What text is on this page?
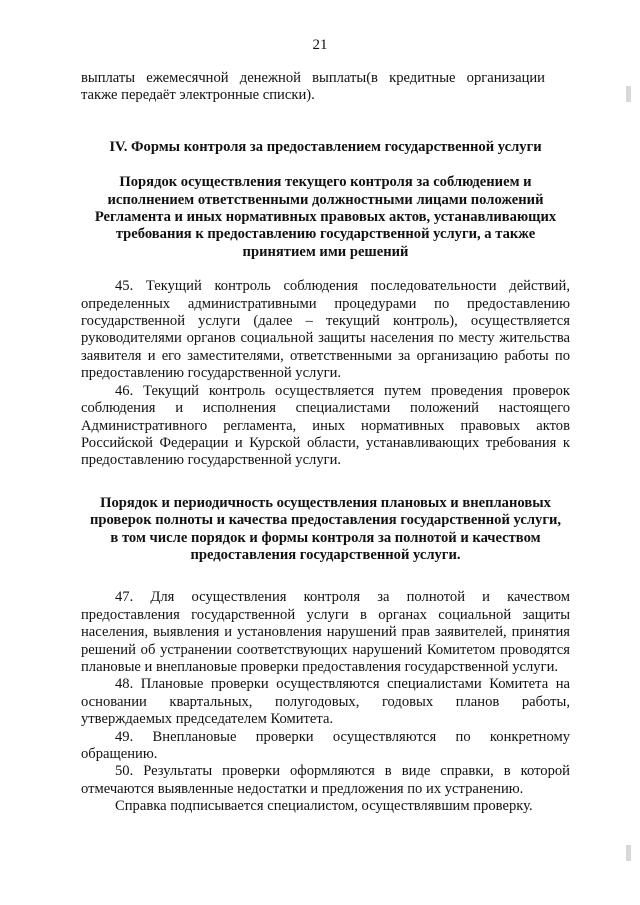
21

выплаты ежемесячной денежной выплаты(в кредитные организации также передаёт электронные списки).

IV. Формы контроля за предоставлением государственной услуги

Порядок осуществления текущего контроля за соблюдением и исполнением ответственными должностными лицами положений Регламента и иных нормативных правовых актов, устанавливающих требования к предоставлению государственной услуги, а также принятием ими решений

45. Текущий контроль соблюдения последовательности действий, определенных административными процедурами по предоставлению государственной услуги (далее – текущий контроль), осуществляется руководителями органов социальной защиты населения по месту жительства заявителя и его заместителями, ответственными за организацию работы по предоставлению государственной услуги.

46. Текущий контроль осуществляется путем проведения проверок соблюдения и исполнения специалистами положений настоящего Административного регламента, иных нормативных правовых актов Российской Федерации и Курской области, устанавливающих требования к предоставлению государственной услуги.

Порядок и периодичность осуществления плановых и внеплановых проверок полноты и качества предоставления государственной услуги, в том числе порядок и формы контроля за полнотой и качеством предоставления государственной услуги.

47. Для осуществления контроля за полнотой и качеством предоставления государственной услуги в органах социальной защиты населения, выявления и установления нарушений прав заявителей, принятия решений об устранении соответствующих нарушений Комитетом проводятся плановые и внеплановые проверки предоставления государственной услуги.

48. Плановые проверки осуществляются специалистами Комитета на основании квартальных, полугодовых, годовых планов работы, утверждаемых председателем Комитета.

49. Внеплановые проверки осуществляются по конкретному обращению.

50. Результаты проверки оформляются в виде справки, в которой отмечаются выявленные недостатки и предложения по их устранению.

Справка подписывается специалистом, осуществлявшим проверку.
